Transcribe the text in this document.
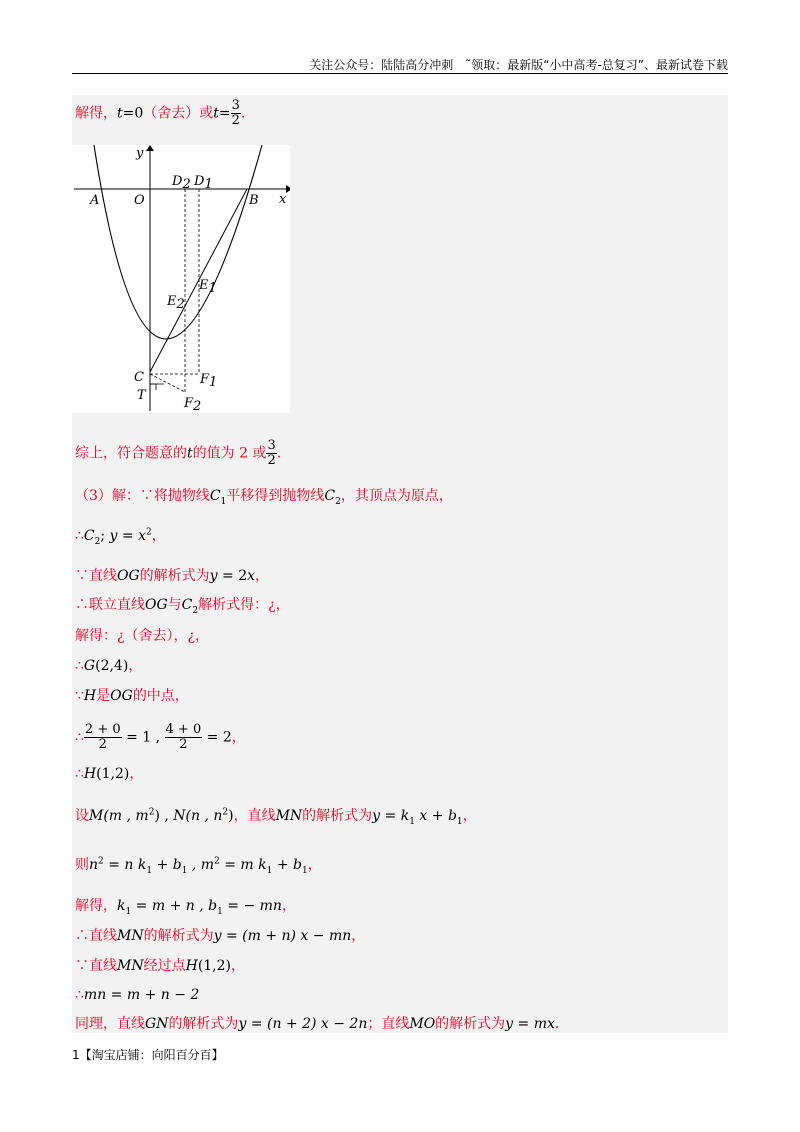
关注公众号：陆陆高分冲刺　˜领取：最新版“小中高考-总复习”、最新试卷下载
解得，t=0（舍去）或$t= \frac{3}{2}$ .
综上，符合题意的t的值为 2 或 $\frac{3}{2}$ .
（3）解：∵将抛物线$C_1$平移得到抛物线$C_2$，其顶点为原点，
$\therefore C_2$; $y = x^2$，
∵直线OG的解析式为y = 2x，
∴联立直线OG与$C_2$解析式得：¿，
解得：¿（舍去），¿，
∴G(2,4)，
∵H是OG的中点，
∴ $\frac{2 + 0}{2} = 1$ , $\frac{4 + 0}{2} = 2$，
∴H(1,2)，
设M(m , $m^2$) , N(n , $n^2$)，直线MN的解析式为$y = k_1$ $x + b_1$，
则$n^2 = n$ $k_1 + b_1$ , $m^2 = m$ $k_1 + b_1$，
解得，$k_1 = m + n$ , $b_1$ = − mn，
∴直线MN的解析式为y = (m + n) x − mn，
∵直线MN经过点H(1,2)，
∴mn = m + n − 2
同理，直线GN的解析式为y = (n + 2) x − 2n；直线MO的解析式为y = mx.
y
x
A	O	B
D2 D1
E1
E2
C
T
F1
F2
1【淘宝店铺：向阳百分百】
